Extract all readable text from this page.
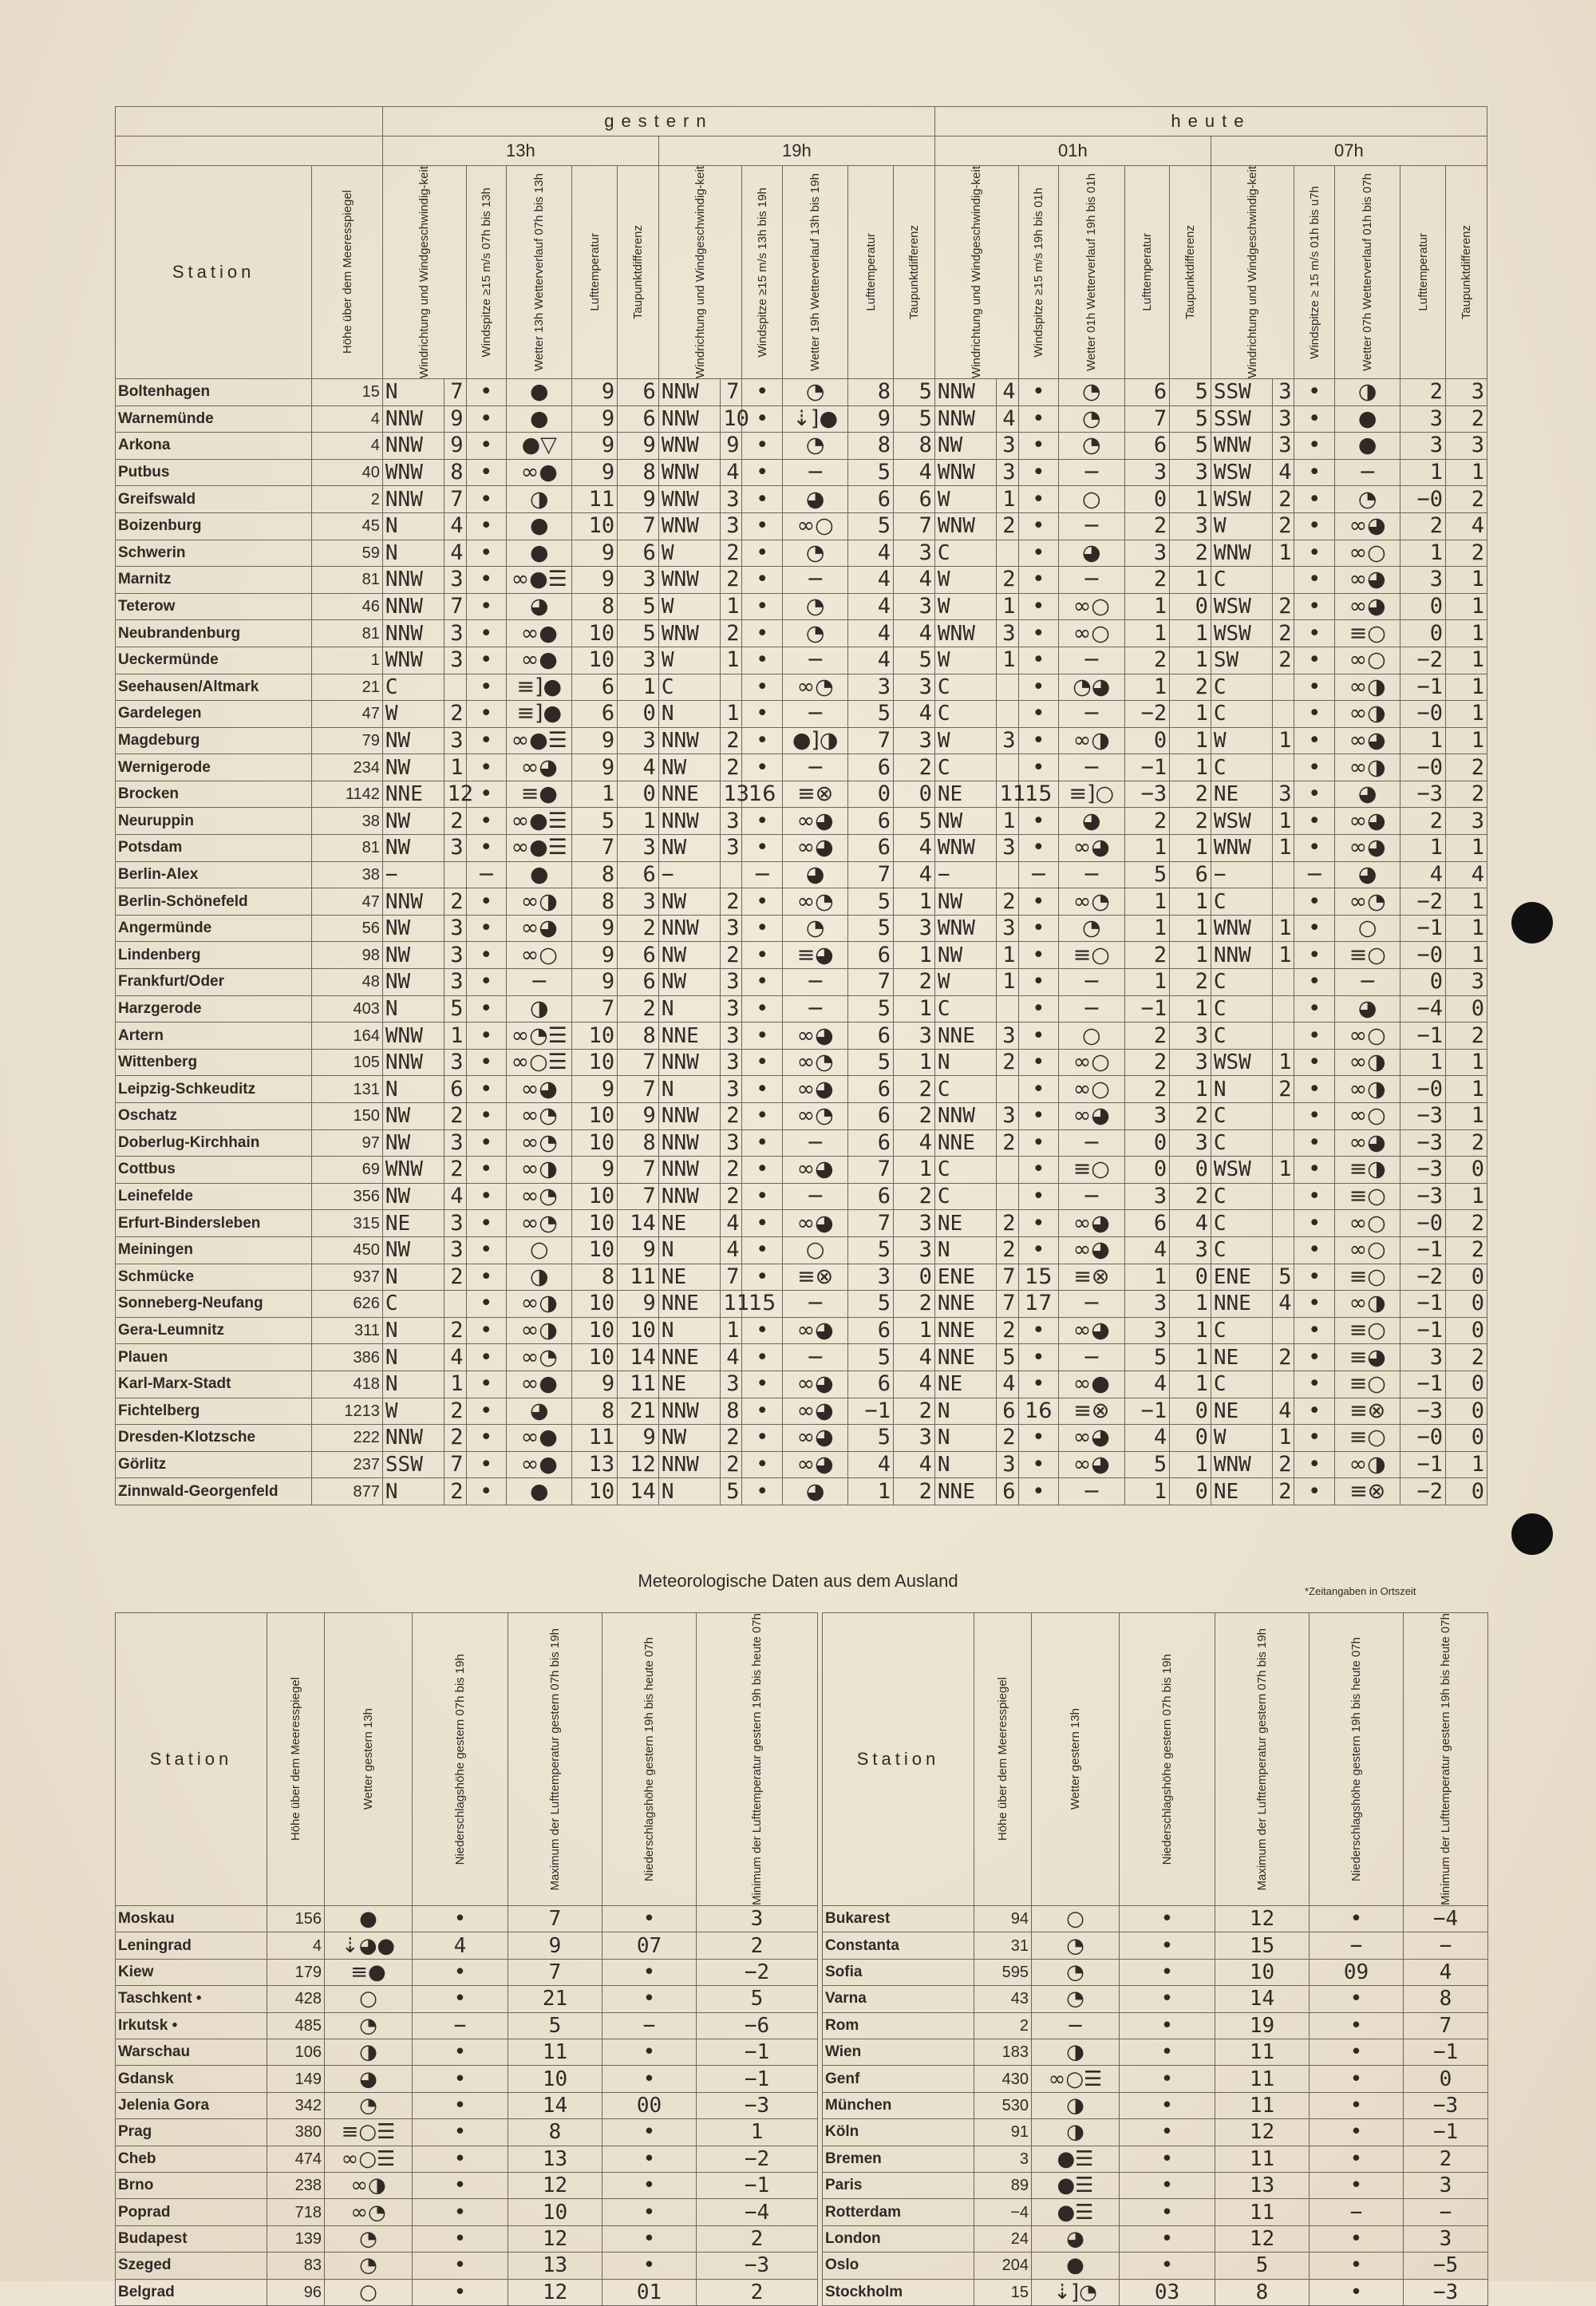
		gestern												heute											
		13h						19h						01h						07h					
Station	Höhe über dem Meeresspiegel	Windrichtung und Windgeschwindig-keit		Windspitze ≥15 m/s 07h bis 13h	Wetter 13h Wetterverlauf 07h bis 13h	Lufttemperatur	Taupunktdifferenz	Windrichtung und Windgeschwindig-keit		Windspitze ≥15 m/s 13h bis 19h	Wetter 19h Wetterverlauf 13h bis 19h	Lufttemperatur	Taupunktdifferenz	Windrichtung und Windgeschwindig-keit		Windspitze ≥15 m/s 19h bis 01h	Wetter 01h Wetterverlauf 19h bis 01h	Lufttemperatur	Taupunktdifferenz	Windrichtung und Windgeschwindig-keit		Windspitze ≥ 15 m/s 01h bis u7h	Wetter 07h Wetterverlauf 01h bis 07h	Lufttemperatur	Taupunktdifferenz

Boltenhagen	15	N	7	•	●	9	6	NNW	7	•	◔	8	5	NNW	4	•	◔	6	5	SSW	3	•	◑	2	3
Warnemünde	4	NNW	9	•	●	9	6	NNW	10	•	⇣]●	9	5	NNW	4	•	◔	7	5	SSW	3	•	●	3	2
Arkona	4	NNW	9	•	●▽	9	9	WNW	9	•	◔	8	8	NW	3	•	◔	6	5	WNW	3	•	●	3	3
Putbus	40	WNW	8	•	∞●	9	8	WNW	4	•	−	5	4	WNW	3	•	−	3	3	WSW	4	•	−	1	1
Greifswald	2	NNW	7	•	◑	11	9	WNW	3	•	◕	6	6	W	1	•	○	0	1	WSW	2	•	◔	−0	2
Boizenburg	45	N	4	•	●	10	7	WNW	3	•	∞○	5	7	WNW	2	•	−	2	3	W	2	•	∞◕	2	4
Schwerin	59	N	4	•	●	9	6	W	2	•	◔	4	3	C		•	◕	3	2	WNW	1	•	∞○	1	2
Marnitz	81	NNW	3	•	∞●☰	9	3	WNW	2	•	−	4	4	W	2	•	−	2	1	C		•	∞◕	3	1
Teterow	46	NNW	7	•	◕	8	5	W	1	•	◔	4	3	W	1	•	∞○	1	0	WSW	2	•	∞◕	0	1
Neubrandenburg	81	NNW	3	•	∞●	10	5	WNW	2	•	◔	4	4	WNW	3	•	∞○	1	1	WSW	2	•	≡○	0	1
Ueckermünde	1	WNW	3	•	∞●	10	3	W	1	•	−	4	5	W	1	•	−	2	1	SW	2	•	∞○	−2	1
Seehausen/Altmark	21	C		•	≡]●	6	1	C		•	∞◔	3	3	C		•	◔◕	1	2	C		•	∞◑	−1	1
Gardelegen	47	W	2	•	≡]●	6	0	N	1	•	−	5	4	C		•	−	−2	1	C		•	∞◑	−0	1
Magdeburg	79	NW	3	•	∞●☰	9	3	NNW	2	•	●]◑	7	3	W	3	•	∞◑	0	1	W	1	•	∞◕	1	1
Wernigerode	234	NW	1	•	∞◕	9	4	NW	2	•	−	6	2	C		•	−	−1	1	C		•	∞◑	−0	2
Brocken	1142	NNE	12	•	≡●	1	0	NNE	13	16	≡⊗	0	0	NE	11	15	≡]○	−3	2	NE	3	•	◕	−3	2
Neuruppin	38	NW	2	•	∞●☰	5	1	NNW	3	•	∞◕	6	5	NW	1	•	◕	2	2	WSW	1	•	∞◕	2	3
Potsdam	81	NW	3	•	∞●☰	7	3	NW	3	•	∞◕	6	4	WNW	3	•	∞◕	1	1	WNW	1	•	∞◕	1	1
Berlin-Alex	38	−		−	●	8	6	−		−	◕	7	4	−		−	−	5	6	−		−	◕	4	4
Berlin-Schönefeld	47	NNW	2	•	∞◑	8	3	NW	2	•	∞◔	5	1	NW	2	•	∞◔	1	1	C		•	∞◔	−2	1
Angermünde	56	NW	3	•	∞◕	9	2	NNW	3	•	◔	5	3	WNW	3	•	◔	1	1	WNW	1	•	○	−1	1
Lindenberg	98	NW	3	•	∞○	9	6	NW	2	•	≡◕	6	1	NW	1	•	≡○	2	1	NNW	1	•	≡○	−0	1
Frankfurt/Oder	48	NW	3	•	−	9	6	NW	3	•	−	7	2	W	1	•	−	1	2	C		•	−	0	3
Harzgerode	403	N	5	•	◑	7	2	N	3	•	−	5	1	C		•	−	−1	1	C		•	◕	−4	0
Artern	164	WNW	1	•	∞◔☰	10	8	NNE	3	•	∞◕	6	3	NNE	3	•	○	2	3	C		•	∞○	−1	2
Wittenberg	105	NNW	3	•	∞○☰	10	7	NNW	3	•	∞◔	5	1	N	2	•	∞○	2	3	WSW	1	•	∞◑	1	1
Leipzig-Schkeuditz	131	N	6	•	∞◕	9	7	N	3	•	∞◕	6	2	C		•	∞○	2	1	N	2	•	∞◑	−0	1
Oschatz	150	NW	2	•	∞◔	10	9	NNW	2	•	∞◔	6	2	NNW	3	•	∞◕	3	2	C		•	∞○	−3	1
Doberlug-Kirchhain	97	NW	3	•	∞◔	10	8	NNW	3	•	−	6	4	NNE	2	•	−	0	3	C		•	∞◕	−3	2
Cottbus	69	WNW	2	•	∞◑	9	7	NNW	2	•	∞◕	7	1	C		•	≡○	0	0	WSW	1	•	≡◑	−3	0
Leinefelde	356	NW	4	•	∞◔	10	7	NNW	2	•	−	6	2	C		•	−	3	2	C		•	≡○	−3	1
Erfurt-Bindersleben	315	NE	3	•	∞◔	10	14	NE	4	•	∞◕	7	3	NE	2	•	∞◕	6	4	C		•	∞○	−0	2
Meiningen	450	NW	3	•	○	10	9	N	4	•	○	5	3	N	2	•	∞◕	4	3	C		•	∞○	−1	2
Schmücke	937	N	2	•	◑	8	11	NE	7	•	≡⊗	3	0	ENE	7	15	≡⊗	1	0	ENE	5	•	≡○	−2	0
Sonneberg-Neufang	626	C		•	∞◑	10	9	NNE	11	15	−	5	2	NNE	7	17	−	3	1	NNE	4	•	∞◑	−1	0
Gera-Leumnitz	311	N	2	•	∞◑	10	10	N	1	•	∞◕	6	1	NNE	2	•	∞◕	3	1	C		•	≡○	−1	0
Plauen	386	N	4	•	∞◔	10	14	NNE	4	•	−	5	4	NNE	5	•	−	5	1	NE	2	•	≡◕	3	2
Karl-Marx-Stadt	418	N	1	•	∞●	9	11	NE	3	•	∞◕	6	4	NE	4	•	∞●	4	1	C		•	≡○	−1	0
Fichtelberg	1213	W	2	•	◕	8	21	NNW	8	•	∞◕	−1	2	N	6	16	≡⊗	−1	0	NE	4	•	≡⊗	−3	0
Dresden-Klotzsche	222	NNW	2	•	∞●	11	9	NW	2	•	∞◕	5	3	N	2	•	∞◕	4	0	W	1	•	≡○	−0	0
Görlitz	237	SSW	7	•	∞●	13	12	NNW	2	•	∞◕	4	4	N	3	•	∞◕	5	1	WNW	2	•	∞◑	−1	1
Zinnwald-Georgenfeld	877	N	2	•	●	10	14	N	5	•	◕	1	2	NNE	6	•	−	1	0	NE	2	•	≡⊗	−2	0
Meteorologische Daten aus dem Ausland
*Zeitangaben in Ortszeit
Station	Höhe über dem Meeresspiegel	Wetter gestern 13h	Niederschlagshöhe gestern 07h bis 19h	Maximum der Lufttemperatur gestern 07h bis 19h	Niederschlagshöhe gestern 19h bis heute 07h	Minimum der Lufttemperatur gestern 19h bis heute 07h

Moskau	156	●	•	7	•	3
Leningrad	4	⇣◕●	4	9	07	2
Kiew	179	≡●	•	7	•	−2
Taschkent •	428	○	•	21	•	5
Irkutsk •	485	◔	−	5	−	−6
Warschau	106	◑	•	11	•	−1
Gdansk	149	◕	•	10	•	−1
Jelenia Gora	342	◔	•	14	00	−3
Prag	380	≡○☰	•	8	•	1
Cheb	474	∞○☰	•	13	•	−2
Brno	238	∞◑	•	12	•	−1
Poprad	718	∞◔	•	10	•	−4
Budapest	139	◔	•	12	•	2
Szeged	83	◔	•	13	•	−3
Belgrad	96	○	•	12	01	2
Station	Höhe über dem Meeresspiegel	Wetter gestern 13h	Niederschlagshöhe gestern 07h bis 19h	Maximum der Lufttemperatur gestern 07h bis 19h	Niederschlagshöhe gestern 19h bis heute 07h	Minimum der Lufttemperatur gestern 19h bis heute 07h

Bukarest	94	○	•	12	•	−4
Constanta	31	◔	•	15	−	−
Sofia	595	◔	•	10	09	4
Varna	43	◔	•	14	•	8
Rom	2	−	•	19	•	7
Wien	183	◑	•	11	•	−1
Genf	430	∞○☰	•	11	•	0
München	530	◑	•	11	•	−3
Köln	91	◑	•	12	•	−1
Bremen	3	●☰	•	11	•	2
Paris	89	●☰	•	13	•	3
Rotterdam	−4	●☰	•	11	−	−
London	24	◕	•	12	•	3
Oslo	204	●	•	5	•	−5
Stockholm	15	⇣]◔	03	8	•	−3
